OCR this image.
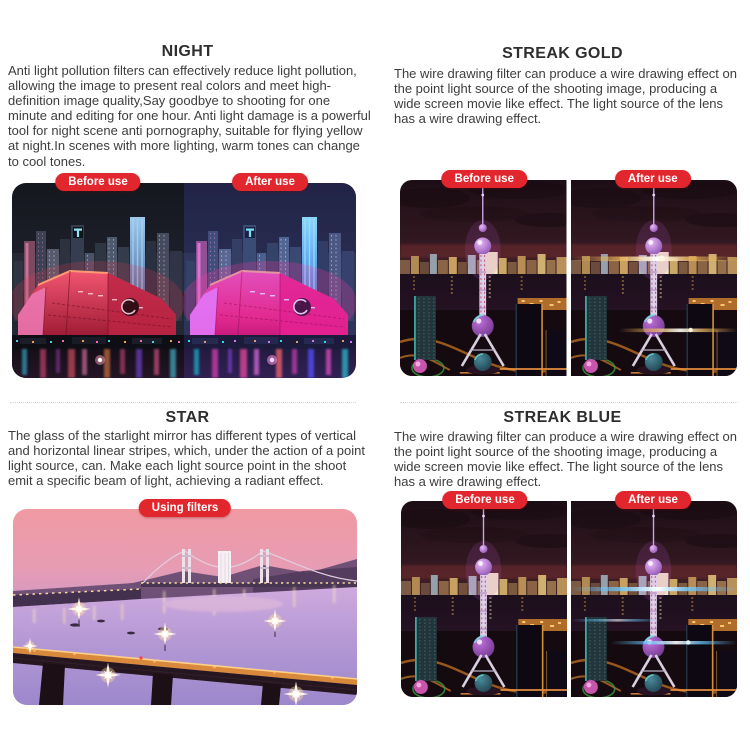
NIGHT

Anti light pollution filters can effectively reduce light pollution, allowing the image to present real colors and meet high-definition image quality,Say goodbye to shooting for one minute and editing for one hour. Anti light damage is a powerful tool for night scene anti pornography, suitable for flying yellow at night.In scenes with more lighting, warm tones can change to cool tones.

Before use	After use
STREAK GOLD

The wire drawing filter can produce a wire drawing effect on the point light source of the shooting image, producing a wide screen movie like effect. The light source of the lens has a wire drawing effect.

Before use	After use
STAR

The glass of the starlight mirror has different types of vertical and horizontal linear stripes, which, under the action of a point light source, can. Make each light source point in the shoot emit a specific beam of light, achieving a radiant effect.

Using filters
STREAK BLUE

The wire drawing filter can produce a wire drawing effect on the point light source of the shooting image, producing a wide screen movie like effect. The light source of the lens has a wire drawing effect.

Before use	After use
